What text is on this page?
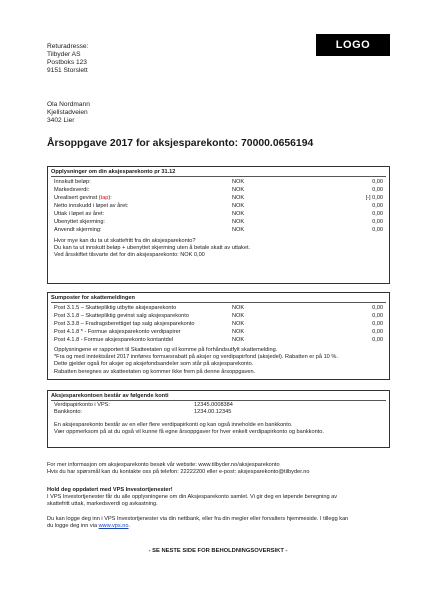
Returadresse:
Tilbyder AS
Postboks 123
9151 Storslett
LOGO
Ola Nordmann
Kjellstadveien
3402 Lier
Årsoppgave 2017 for aksjesparekonto: 70000.0656194
Opplysninger om din aksjesparekonto pr 31.12
Innskutt beløp:	NOK	0,00
Markedsverdi:	NOK	0,00
Urealisert gevinst (tap):	NOK	[-] 0,00
Netto innskudd i løpet av året:	NOK	0,00
Uttak i løpet av året:	NOK	0,00
Ubenyttet skjerming:	NOK	0,00
Anvendt skjerming:	NOK	0,00
Hvor mye kan du ta ut skattefritt fra din aksjesparekonto?
Du kan ta ut innskutt beløp + ubenyttet skjerming uten å betale skatt av uttaket.
Ved årsskiftet tilsvarte det for din aksjesparekonto: NOK 0,00
Sumposter for skattemeldingen
Post 3.1.5 – Skattepliktig utbytte aksjesparekonto	NOK	0,00
Post 3.1.8 – Skattepliktig gevinst salg aksjesparekonto	NOK	0,00
Post 3.3.8 – Fradragsberettiget tap salg aksjesparekonto	NOK	0,00
Post 4.1.8 * - Formue aksjesparekonto verdipapirer	NOK	0,00
Post 4.1.8 - Formue aksjesparekonto kontantdel	NOK	0,00
Opplysningene er rapportert til Skatteetaten og vil komme på forhåndsutfylt skattemelding.
*Fra og med inntektsåret 2017 innføres formuesrabatt på aksjer og verdipapirfond (aksjedel). Rabatten er på 10 %.
Dette gjelder også for aksjer og aksjefondsandeler som står på aksjesparekonto.
Rabatten beregnes av skatteetaten og kommer ikke frem på denne årsoppgaven.
Aksjesparekontoen består av følgende konti
Verdipapirkonto i VPS:	12345.0008384
Bankkonto:	1234.00.12345
En aksjesparekonto består av en eller flere verdipapirkonti og kan også inneholde en bankkonto.
Vær oppmerksom på at du også vil kunne få egne årsoppgaver for hver enkelt verdipapirkonto og bankkonto.
For mer informasjon om aksjesparekonto besøk vår website: www.tilbyder.no/aksjesparekonto
Hvis du har spørsmål kan du kontakte oss på telefon: 22222200 eller e-post: aksjesparekonto@tilbyder.no
Hold deg oppdatert med VPS Investortjenester!
I VPS Investortjenester får du alle opplysningene om din Aksjesparekonto samlet. Vi gir deg en løpende beregning av
skattefritt uttak, markedsverdi og avkastning.
Du kan logge deg inn i VPS Investortjenester via din nettbank, eller fra din megler eller forvalters hjemmeside. I tillegg kan
du logge deg inn via www.vps.no.
- SE NESTE SIDE FOR BEHOLDNINGSOVERSIKT -
